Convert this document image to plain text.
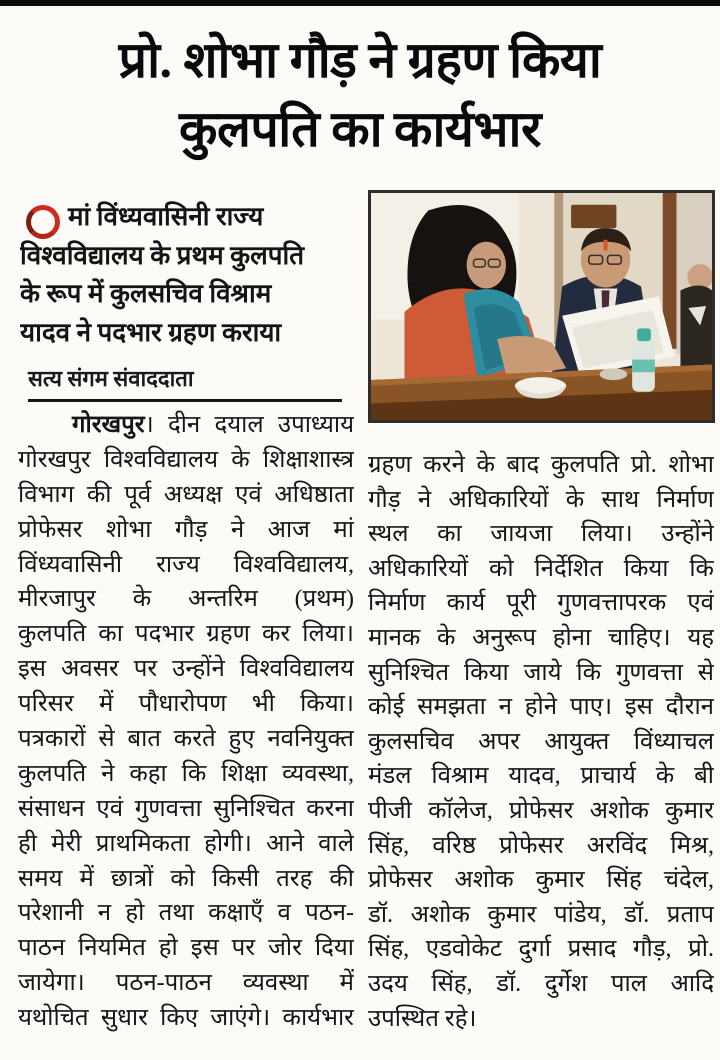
प्रो. शोभा गौड़ ने ग्रहण किया
कुलपति का कार्यभार
मां विंध्यवासिनी राज्य
विश्वविद्यालय के प्रथम कुलपति
के रूप में कुलसचिव विश्राम
यादव ने पदभार ग्रहण कराया
सत्य संगम संवाददाता
गोरखपुर। दीन दयाल उपाध्याय
गोरखपुर विश्वविद्यालय के शिक्षाशास्त्र
विभाग की पूर्व अध्यक्ष एवं अधिष्ठाता
प्रोफेसर शोभा गौड़ ने आज मां
विंध्यवासिनी राज्य विश्वविद्यालय,
मीरजापुर के अन्तरिम (प्रथम)
कुलपति का पदभार ग्रहण कर लिया।
इस अवसर पर उन्होंने विश्वविद्यालय
परिसर में पौधारोपण भी किया।
पत्रकारों से बात करते हुए नवनियुक्त
कुलपति ने कहा कि शिक्षा व्यवस्था,
संसाधन एवं गुणवत्ता सुनिश्चित करना
ही मेरी प्राथमिकता होगी। आने वाले
समय में छात्रों को किसी तरह की
परेशानी न हो तथा कक्षाएँ व पठन-
पाठन नियमित हो इस पर जोर दिया
जायेगा। पठन-पाठन व्यवस्था में
यथोचित सुधार किए जाएंगे। कार्यभार
ग्रहण करने के बाद कुलपति प्रो. शोभा
गौड़ ने अधिकारियों के साथ निर्माण
स्थल का जायजा लिया। उन्होंने
अधिकारियों को निर्देशित किया कि
निर्माण कार्य पूरी गुणवत्तापरक एवं
मानक के अनुरूप होना चाहिए। यह
सुनिश्चित किया जाये कि गुणवत्ता से
कोई समझता न होने पाए। इस दौरान
कुलसचिव अपर आयुक्त विंध्याचल
मंडल विश्राम यादव, प्राचार्य के बी
पीजी कॉलेज, प्रोफेसर अशोक कुमार
सिंह, वरिष्ठ प्रोफेसर अरविंद मिश्र,
प्रोफेसर अशोक कुमार सिंह चंदेल,
डॉ. अशोक कुमार पांडेय, डॉ. प्रताप
सिंह, एडवोकेट दुर्गा प्रसाद गौड़, प्रो.
उदय सिंह, डॉ. दुर्गेश पाल आदि
उपस्थित रहे।
